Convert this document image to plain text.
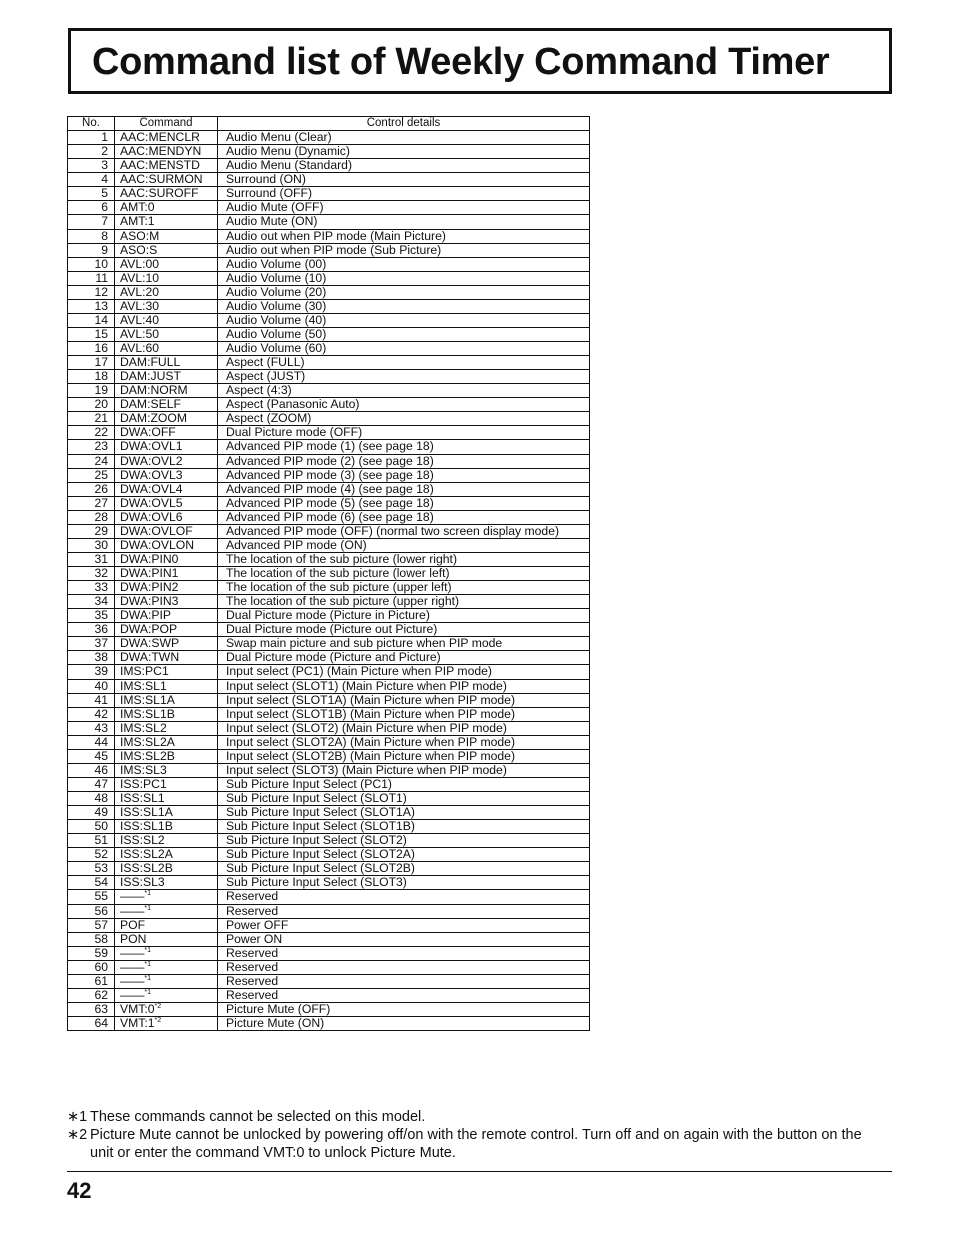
Command list of Weekly Command Timer
No.	Command	Control details
1	AAC:MENCLR	Audio Menu (Clear)
2	AAC:MENDYN	Audio Menu (Dynamic)
3	AAC:MENSTD	Audio Menu (Standard)
4	AAC:SURMON	Surround (ON)
5	AAC:SUROFF	Surround (OFF)
6	AMT:0	Audio Mute (OFF)
7	AMT:1	Audio Mute (ON)
8	ASO:M	Audio out when PIP mode (Main Picture)
9	ASO:S	Audio out when PIP mode (Sub Picture)
10	AVL:00	Audio Volume (00)
11	AVL:10	Audio Volume (10)
12	AVL:20	Audio Volume (20)
13	AVL:30	Audio Volume (30)
14	AVL:40	Audio Volume (40)
15	AVL:50	Audio Volume (50)
16	AVL:60	Audio Volume (60)
17	DAM:FULL	Aspect (FULL)
18	DAM:JUST	Aspect (JUST)
19	DAM:NORM	Aspect (4:3)
20	DAM:SELF	Aspect (Panasonic Auto)
21	DAM:ZOOM	Aspect (ZOOM)
22	DWA:OFF	Dual Picture mode (OFF)
23	DWA:OVL1	Advanced PIP mode (1) (see page 18)
24	DWA:OVL2	Advanced PIP mode (2) (see page 18)
25	DWA:OVL3	Advanced PIP mode (3) (see page 18)
26	DWA:OVL4	Advanced PIP mode (4) (see page 18)
27	DWA:OVL5	Advanced PIP mode (5) (see page 18)
28	DWA:OVL6	Advanced PIP mode (6) (see page 18)
29	DWA:OVLOF	Advanced PIP mode (OFF) (normal two screen display mode)
30	DWA:OVLON	Advanced PIP mode (ON)
31	DWA:PIN0	The location of the sub picture (lower right)
32	DWA:PIN1	The location of the sub picture (lower left)
33	DWA:PIN2	The location of the sub picture (upper left)
34	DWA:PIN3	The location of the sub picture (upper right)
35	DWA:PIP	Dual Picture mode (Picture in Picture)
36	DWA:POP	Dual Picture mode (Picture out Picture)
37	DWA:SWP	Swap main picture and sub picture when PIP mode
38	DWA:TWN	Dual Picture mode (Picture and Picture)
39	IMS:PC1	Input select (PC1) (Main Picture when PIP mode)
40	IMS:SL1	Input select (SLOT1) (Main Picture when PIP mode)
41	IMS:SL1A	Input select (SLOT1A) (Main Picture when PIP mode)
42	IMS:SL1B	Input select (SLOT1B) (Main Picture when PIP mode)
43	IMS:SL2	Input select (SLOT2) (Main Picture when PIP mode)
44	IMS:SL2A	Input select (SLOT2A) (Main Picture when PIP mode)
45	IMS:SL2B	Input select (SLOT2B) (Main Picture when PIP mode)
46	IMS:SL3	Input select (SLOT3) (Main Picture when PIP mode)
47	ISS:PC1	Sub Picture Input Select (PC1)
48	ISS:SL1	Sub Picture Input Select (SLOT1)
49	ISS:SL1A	Sub Picture Input Select (SLOT1A)
50	ISS:SL1B	Sub Picture Input Select (SLOT1B)
51	ISS:SL2	Sub Picture Input Select (SLOT2)
52	ISS:SL2A	Sub Picture Input Select (SLOT2A)
53	ISS:SL2B	Sub Picture Input Select (SLOT2B)
54	ISS:SL3	Sub Picture Input Select (SLOT3)
55	——$^{*1}$	Reserved
56	——$^{*1}$	Reserved
57	POF	Power OFF
58	PON	Power ON
59	——$^{*1}$	Reserved
60	——$^{*1}$	Reserved
61	——$^{*1}$	Reserved
62	——$^{*1}$	Reserved
63	VMT:0$^{*2}$	Picture Mute (OFF)
64	VMT:1$^{*2}$	Picture Mute (ON)
∗1 These commands cannot be selected on this model.
∗2 Picture Mute cannot be unlocked by powering off/on with the remote control. Turn off and on again with the button on the unit or enter the command VMT:0 to unlock Picture Mute.
42
